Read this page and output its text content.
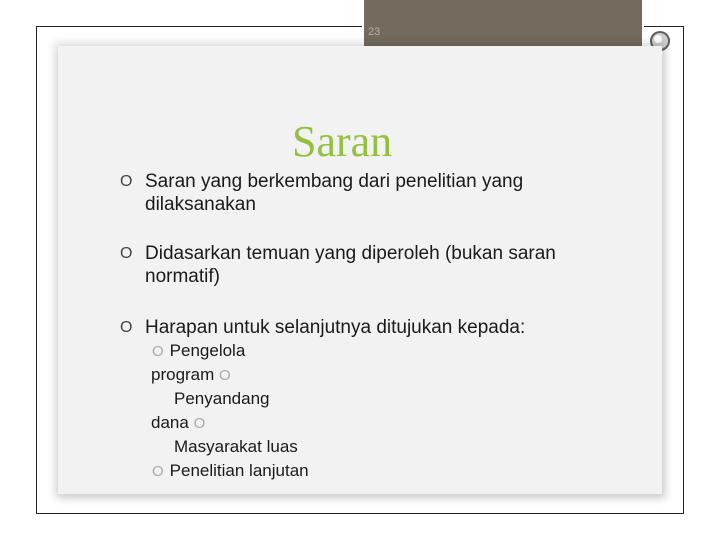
23
Saran
O Saran yang berkembang dari penelitian yang dilaksanakan
O Didasarkan temuan yang diperoleh (bukan saran normatif)
O Harapan untuk selanjutnya ditujukan kepada:
O Pengelola
program O
Penyandang
dana O
Masyarakat luas
O Penelitian lanjutan
